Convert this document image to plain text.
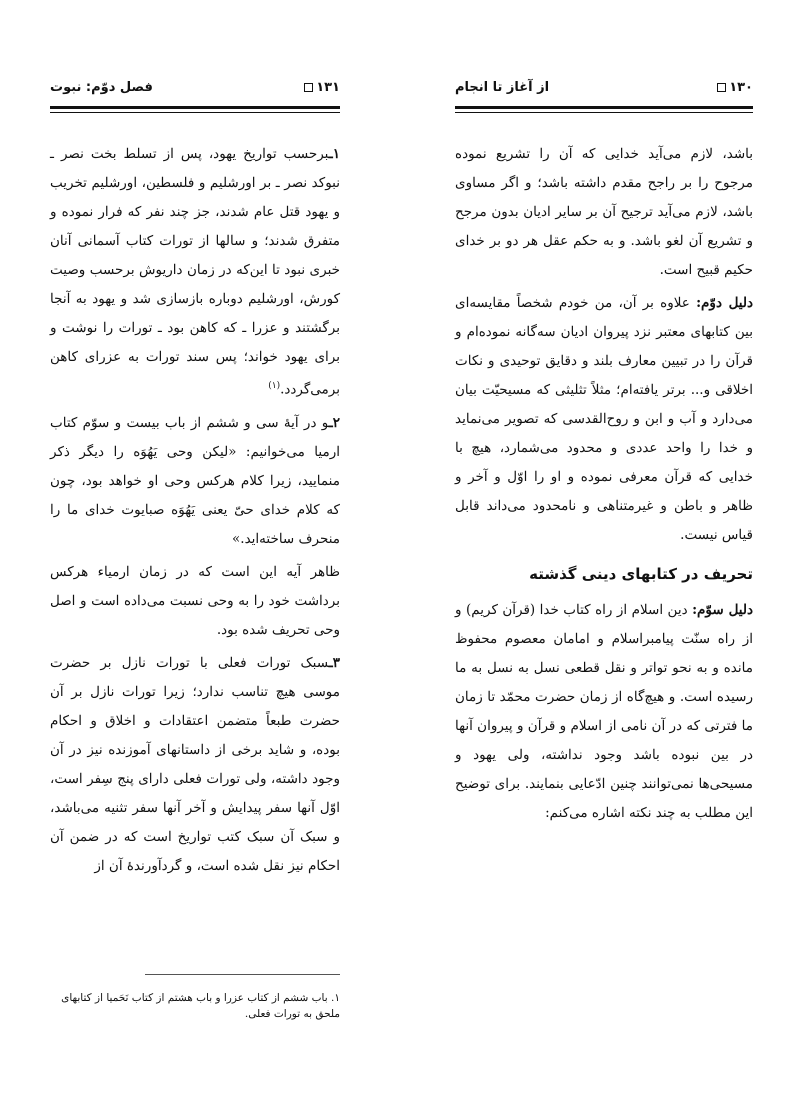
۱۳۱
فصل دوّم: نبوت

۱ـبرحسب تواریخ یهود، پس از تسلط بخت نصر ـ نبوکد نصر ـ بر اورشلیم و فلسطین، اورشلیم تخریب و یهود قتل عام شدند، جز چند نفر که فرار نموده و متفرق شدند؛ و سالها از تورات کتاب آسمانی آنان خبری نبود تا این‌که در زمان داریوش برحسب وصیت کورش، اورشلیم دوباره بازسازی شد و یهود به آنجا برگشتند و عزرا ـ که کاهن بود ـ تورات را نوشت و برای یهود خواند؛ پس سند تورات به عزرای کاهن برمی‌گردد.$^{(۱)}$

۲ـو در آیهٔ سی و ششم از باب بیست و سوّم کتاب ارمیا می‌خوانیم: «لیکن وحی یَهُوَه را دیگر ذکر منمایید، زیرا کلام هرکس وحی او خواهد بود، چون که کلام خدای حیّ یعنی یَهُوَه صبایوت خدای ما را منحرف ساخته‌اید.»

ظاهر آیه این است که در زمان ارمیاء هرکس برداشت خود را به وحی نسبت می‌داده است و اصل وحی تحریف شده بود.

۳ـسبک تورات فعلی با تورات نازل بر حضرت موسی هیچ تناسب ندارد؛ زیرا تورات نازل بر آن حضرت طبعاً متضمن اعتقادات و اخلاق و احکام بوده، و شاید برخی از داستانهای آموزنده نیز در آن وجود داشته، ولی تورات فعلی دارای پنج سِفر است، اوّل آنها سفر پیدایش و آخر آنها سفر تثنیه می‌باشد، و سبک آن سبک کتب تواریخ است که در ضمن آن احکام نیز نقل شده است، و گردآورندهٔ آن از

۱. باب ششم از کتاب عزرا و باب هشتم از کتاب نَحَمیا از کتابهای ملحق به تورات فعلی.
۱۳۰
از آغاز تا انجام

باشد، لازم می‌آید خدایی که آن را تشریع نموده مرجوح را بر راجح مقدم داشته باشد؛ و اگر مساوی باشد، لازم می‌آید ترجیح آن بر سایر ادیان بدون مرجح و تشریع آن لغو باشد. و به حکم عقل هر دو بر خدای حکیم قبیح است.

دلیل دوّم: علاوه بر آن، من خودم شخصاً مقایسه‌ای بین کتابهای معتبر نزد پیروان ادیان سه‌گانه نموده‌ام و قرآن را در تبیین معارف بلند و دقایق توحیدی و نکات اخلاقی و... برتر یافته‌ام؛ مثلاً تثلیثی که مسیحیّت بیان می‌دارد و آب و ابن و روح‌القدسی که تصویر می‌نماید و خدا را واحد عددی و محدود می‌شمارد، هیچ با خدایی که قرآن معرفی نموده و او را اوّل و آخر و ظاهر و باطن و غیرمتناهی و نامحدود می‌داند قابل قیاس نیست.

تحریف در کتابهای دینی گذشته

دلیل سوّم: دین اسلام از راه کتاب خدا (قرآن کریم) و از راه سنّت پیامبراسلام و امامان معصوم محفوظ مانده و به نحو تواتر و نقل قطعی نسل به نسل به ما رسیده است. و هیچ‌گاه از زمان حضرت محمّد تا زمان ما فترتی که در آن نامی از اسلام و قرآن و پیروان آنها در بین نبوده باشد وجود نداشته، ولی یهود و مسیحی‌ها نمی‌توانند چنین ادّعایی بنمایند. برای توضیح این مطلب به چند نکته اشاره می‌کنم:
